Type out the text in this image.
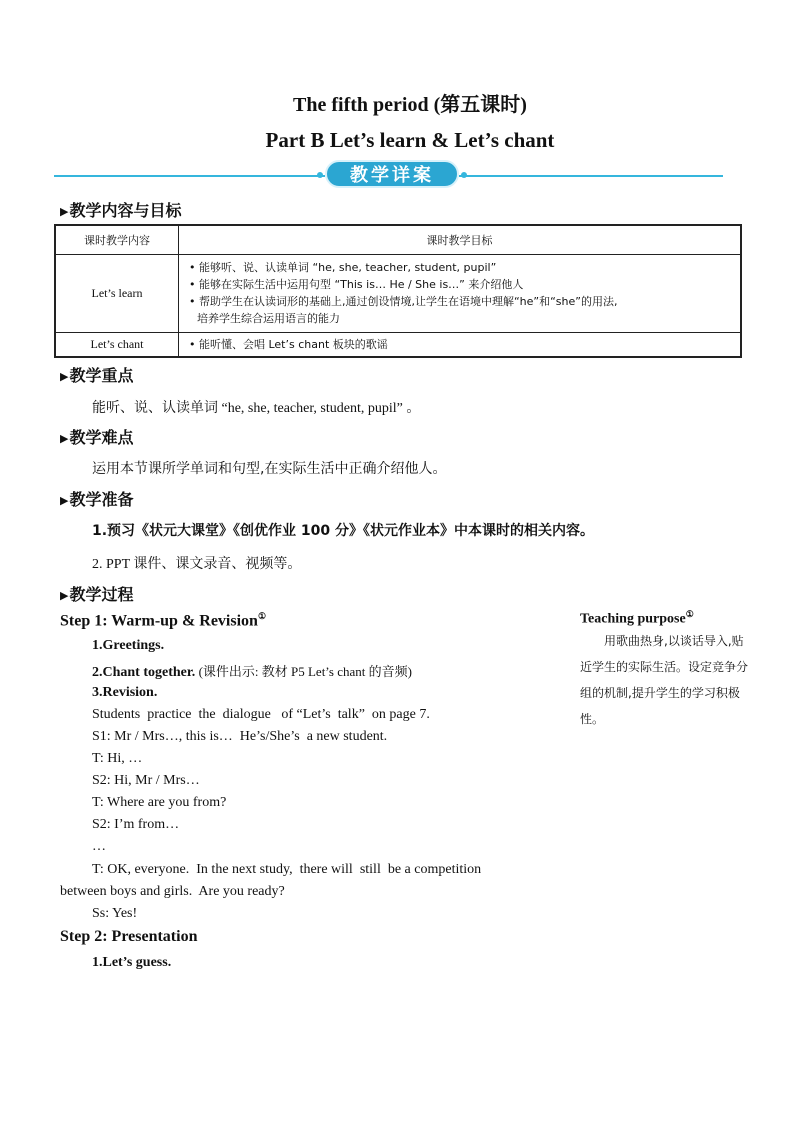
The fifth period (第五课时)
Part B Let’s learn & Let’s chant
教学详案
▶教学内容与目标
课时教学内容	课时教学目标
Let’s learn	• 能够听、说、认读单词 “he, she, teacher, student, pupil”
• 能够在实际生活中运用句型 “This is… He / She is…” 来介绍他人
• 帮助学生在认读词形的基础上,通过创设情境,让学生在语境中理解“he”和“she”的用法,
培养学生综合运用语言的能力

Let’s chant	• 能听懂、会唱 Let’s chant 板块的歌谣
▶教学重点
能听、说、认读单词 “he, she, teacher, student, pupil” 。
▶教学难点
运用本节课所学单词和句型,在实际生活中正确介绍他人。
▶教学准备
1.预习《状元大课堂》《创优作业 100 分》《状元作业本》中本课时的相关内容。
2. PPT 课件、课文录音、视频等。
▶教学过程
Step 1: Warm-up & Revision①
1.Greetings.
2.Chant together. (课件出示: 教材 P5 Let’s chant 的音频)
3.Revision.
Students  practice  the  dialogue   of “Let’s  talk”  on page 7.
S1: Mr / Mrs…, this is…  He’s/She’s  a new student.
T: Hi, …
S2: Hi, Mr / Mrs…
T: Where are you from?
S2: I’m from…
…
T: OK, everyone.  In the next study,  there will  still  be a competition
between boys and girls.  Are you ready?
Ss: Yes!
Step 2: Presentation
1.Let’s guess.
Teaching purpose①
用歌曲热身,以谈话导入,贴近学生的实际生活。设定竞争分组的机制,提升学生的学习积极性。
